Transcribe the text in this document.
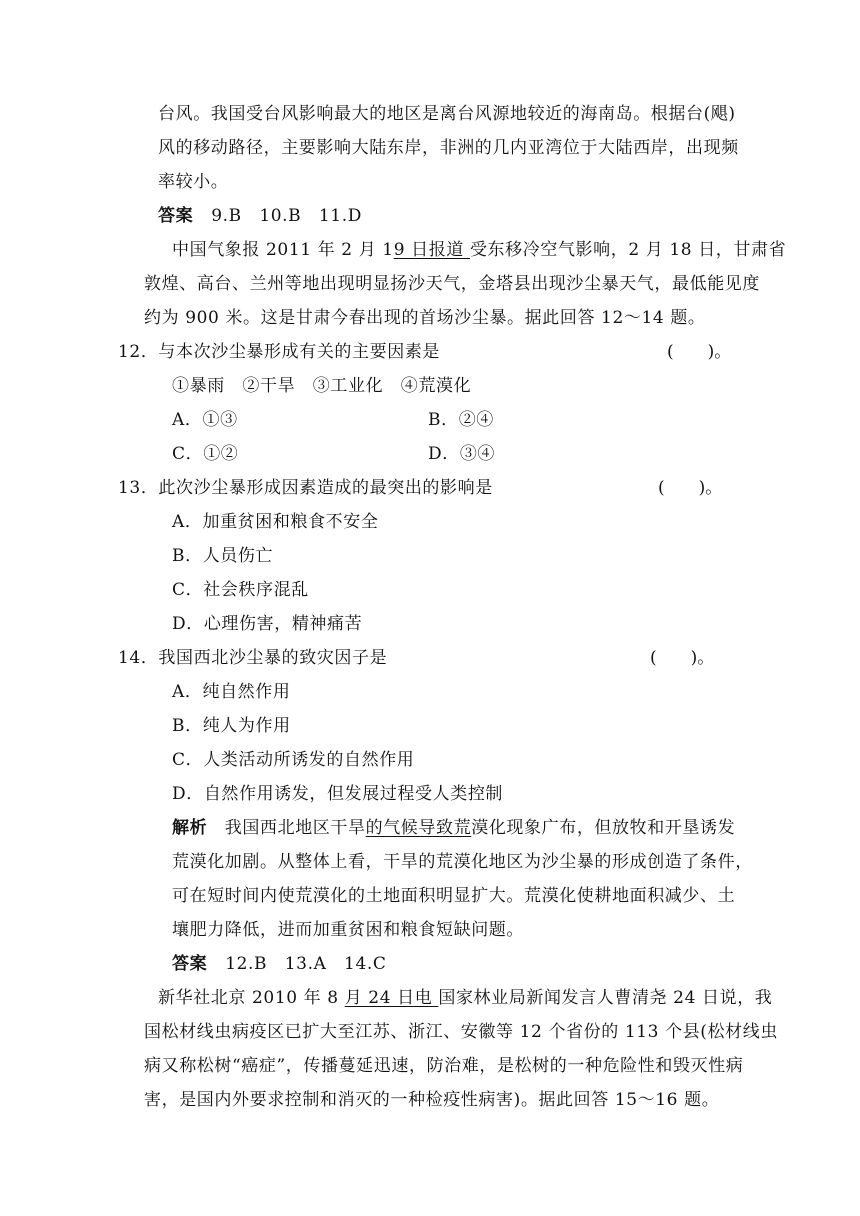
台风。我国受台风影响最大的地区是离台风源地较近的海南岛。根据台(飓)
风的移动路径，主要影响大陆东岸，非洲的几内亚湾位于大陆西岸，出现频
率较小。
答案 9.B　10.B　11.D
中国气象报 2011 年 2 月 19 日报道 受东移冷空气影响，2 月 18 日，甘肃省
敦煌、高台、兰州等地出现明显扬沙天气，金塔县出现沙尘暴天气，最低能见度
约为 900 米。这是甘肃今春出现的首场沙尘暴。据此回答 12～14 题。
12．与本次沙尘暴形成有关的主要因素是	(　　)。
①暴雨　②干旱　③工业化　④荒漠化
A．①③	B．②④
C．①②	D．③④
13．此次沙尘暴形成因素造成的最突出的影响是	(　　)。
A．加重贫困和粮食不安全
B．人员伤亡
C．社会秩序混乱
D．心理伤害，精神痛苦
14．我国西北沙尘暴的致灾因子是	(　　)。
A．纯自然作用
B．纯人为作用
C．人类活动所诱发的自然作用
D．自然作用诱发，但发展过程受人类控制
解析　我国西北地区干旱的气候导致荒漠化现象广布，但放牧和开垦诱发
荒漠化加剧。从整体上看，干旱的荒漠化地区为沙尘暴的形成创造了条件，
可在短时间内使荒漠化的土地面积明显扩大。荒漠化使耕地面积减少、土
壤肥力降低，进而加重贫困和粮食短缺问题。
答案 12.B　13.A　14.C
新华社北京 2010 年 8 月 24 日电 国家林业局新闻发言人曹清尧 24 日说，我
国松材线虫病疫区已扩大至江苏、浙江、安徽等 12 个省份的 113 个县(松材线虫
病又称松树“癌症”，传播蔓延迅速，防治难，是松树的一种危险性和毁灭性病
害，是国内外要求控制和消灭的一种检疫性病害)。据此回答 15～16 题。
